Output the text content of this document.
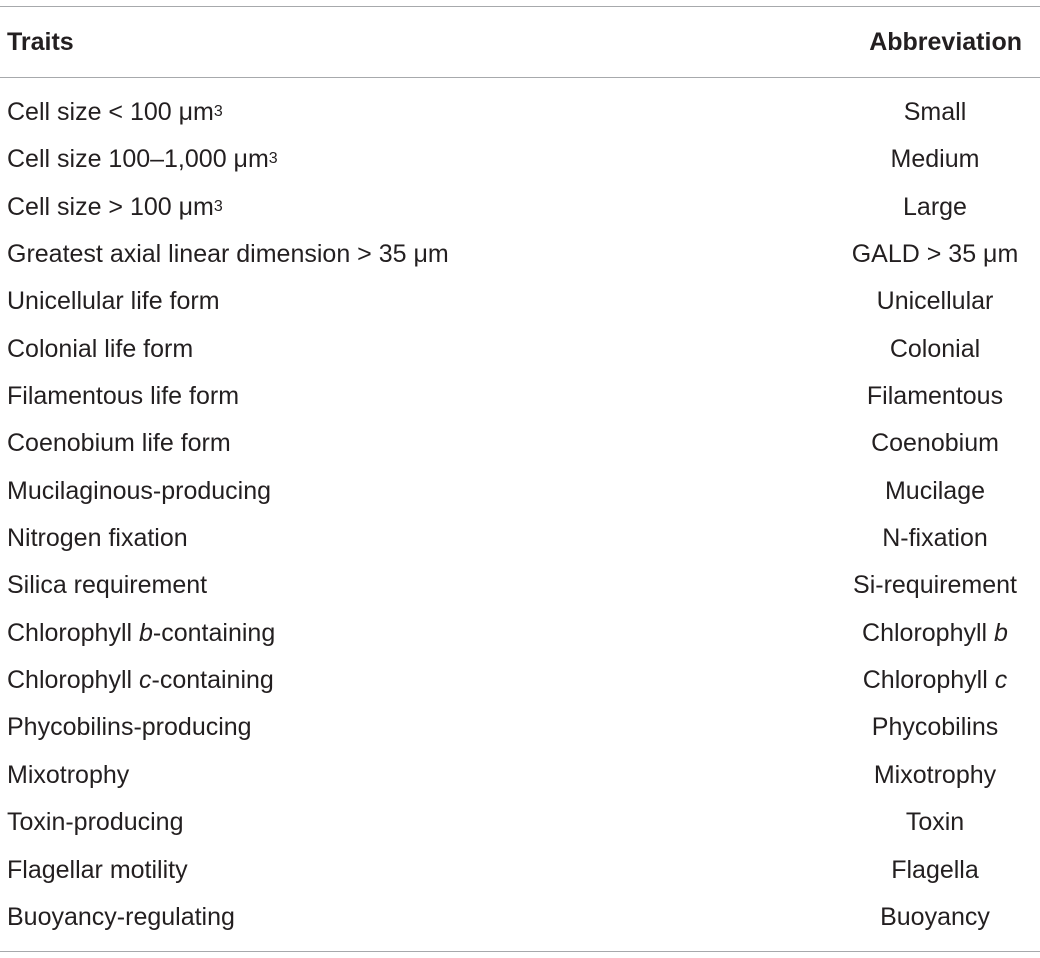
Traits	Abbreviation
Cell size < 100 $\mu m^3$	Small
Cell size 100–1,000 $\mu m^3$	Medium
Cell size > 100 $\mu m^3$	Large
Greatest axial linear dimension > 35 μm	GALD > 35 μm
Unicellular life form	Unicellular
Colonial life form	Colonial
Filamentous life form	Filamentous
Coenobium life form	Coenobium
Mucilaginous-producing	Mucilage
Nitrogen fixation	N-fixation
Silica requirement	Si-requirement
Chlorophyll b-containing	Chlorophyll b
Chlorophyll c-containing	Chlorophyll c
Phycobilins-producing	Phycobilins
Mixotrophy	Mixotrophy
Toxin-producing	Toxin
Flagellar motility	Flagella
Buoyancy-regulating	Buoyancy
